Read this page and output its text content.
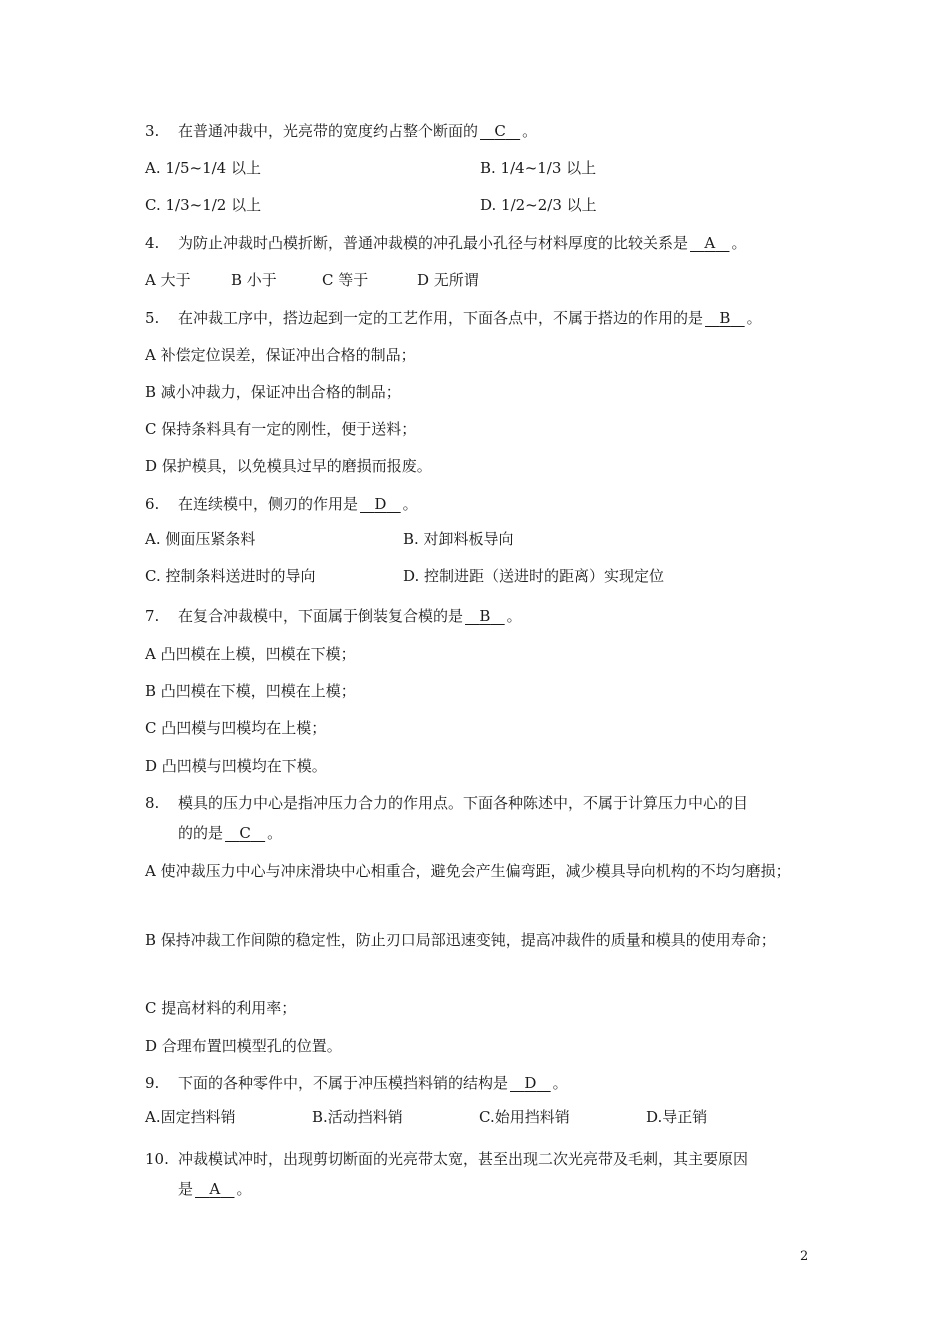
3. 在普通冲裁中，光亮带的宽度约占整个断面的 C 。
A. 1/5~1/4 以上	B. 1/4~1/3 以上
C. 1/3~1/2 以上	D. 1/2~2/3 以上
4. 为防止冲裁时凸模折断，普通冲裁模的冲孔最小孔径与材料厚度的比较关系是 A 。
A 大于	B 小于	C 等于	D 无所谓
5. 在冲裁工序中，搭边起到一定的工艺作用，下面各点中，不属于搭边的作用的是 B 。
A 补偿定位误差，保证冲出合格的制品；
B 减小冲裁力，保证冲出合格的制品；
C 保持条料具有一定的刚性，便于送料；
D 保护模具，以免模具过早的磨损而报废。
6. 在连续模中，侧刃的作用是 D 。
A. 侧面压紧条料	B. 对卸料板导向
C. 控制条料送进时的导向	D. 控制进距（送进时的距离）实现定位
7. 在复合冲裁模中，下面属于倒装复合模的是 B 。
A 凸凹模在上模，凹模在下模；
B 凸凹模在下模，凹模在上模；
C 凸凹模与凹模均在上模；
D 凸凹模与凹模均在下模。
8. 模具的压力中心是指冲压力合力的作用点。下面各种陈述中，不属于计算压力中心的目
的的是 C 。
A 使冲裁压力中心与冲床滑块中心相重合，避免会产生偏弯距，减少模具导向机构的不均匀磨损；
B 保持冲裁工作间隙的稳定性，防止刃口局部迅速变钝，提高冲裁件的质量和模具的使用寿命；
C 提高材料的利用率；
D 合理布置凹模型孔的位置。
9. 下面的各种零件中，不属于冲压模挡料销的结构是 D 。
A.固定挡料销	B.活动挡料销	C.始用挡料销	D.导正销
10. 冲裁模试冲时，出现剪切断面的光亮带太宽，甚至出现二次光亮带及毛刺，其主要原因
是 A 。
2
